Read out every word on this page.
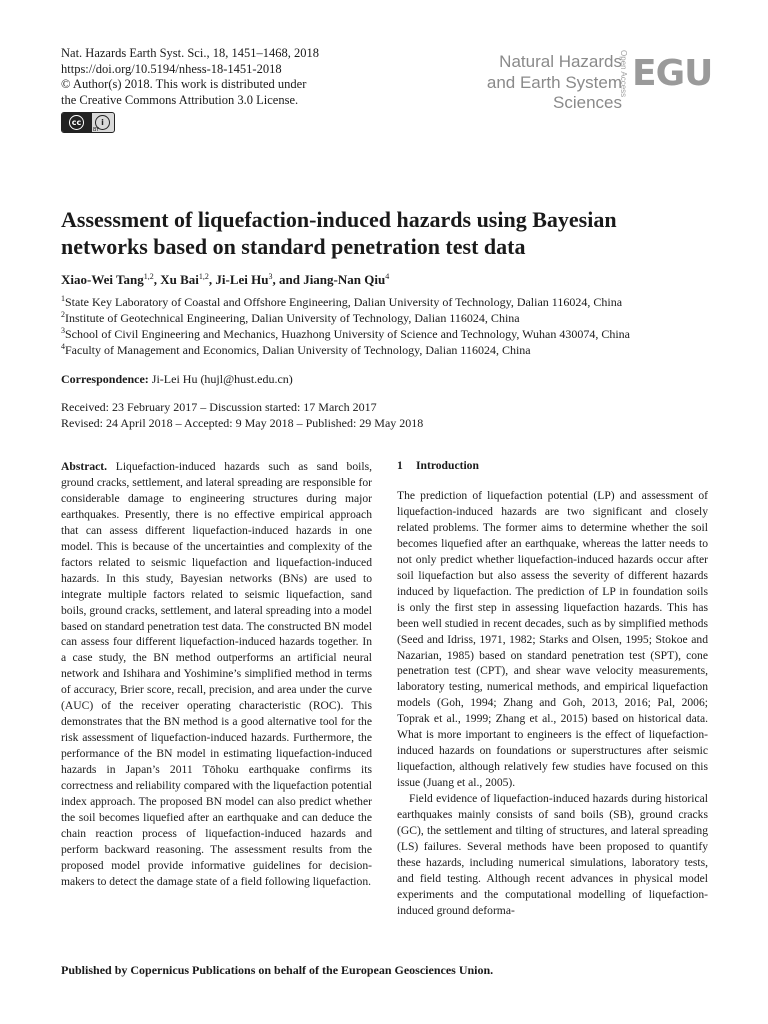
Nat. Hazards Earth Syst. Sci., 18, 1451–1468, 2018
https://doi.org/10.5194/nhess-18-1451-2018
© Author(s) 2018. This work is distributed under
the Creative Commons Attribution 3.0 License.
cc	i
BY
Natural Hazards
and Earth System
Sciences
Open Access EGU
Assessment of liquefaction-induced hazards using Bayesian networks based on standard penetration test data
Xiao-Wei Tang$^{1,2}$, Xu Bai$^{1,2}$, Ji-Lei Hu$^3$, and Jiang-Nan Qiu$^4$
$^1$State Key Laboratory of Coastal and Offshore Engineering, Dalian University of Technology, Dalian 116024, China
$^2$Institute of Geotechnical Engineering, Dalian University of Technology, Dalian 116024, China
$^3$School of Civil Engineering and Mechanics, Huazhong University of Science and Technology, Wuhan 430074, China
$^4$Faculty of Management and Economics, Dalian University of Technology, Dalian 116024, China
Correspondence: Ji-Lei Hu (hujl@hust.edu.cn)
Received: 23 February 2017 – Discussion started: 17 March 2017
Revised: 24 April 2018 – Accepted: 9 May 2018 – Published: 29 May 2018
Abstract. Liquefaction-induced hazards such as sand boils, ground cracks, settlement, and lateral spreading are responsible for considerable damage to engineering structures during major earthquakes. Presently, there is no effective empirical approach that can assess different liquefaction-induced hazards in one model. This is because of the uncertainties and complexity of the factors related to seismic liquefaction and liquefaction-induced hazards. In this study, Bayesian networks (BNs) are used to integrate multiple factors related to seismic liquefaction, sand boils, ground cracks, settlement, and lateral spreading into a model based on standard penetration test data. The constructed BN model can assess four different liquefaction-induced hazards together. In a case study, the BN method outperforms an artificial neural network and Ishihara and Yoshimine’s simplified method in terms of accuracy, Brier score, recall, precision, and area under the curve (AUC) of the receiver operating characteristic (ROC). This demonstrates that the BN method is a good alternative tool for the risk assessment of liquefaction-induced hazards. Furthermore, the performance of the BN model in estimating liquefaction-induced hazards in Japan’s 2011 Tōhoku earthquake confirms its correctness and reliability compared with the liquefaction potential index approach. The proposed BN model can also predict whether the soil becomes liquefied after an earthquake and can deduce the chain reaction process of liquefaction-induced hazards and perform backward reasoning. The assessment results from the proposed model provide informative guidelines for decision-makers to detect the damage state of a field following liquefaction.
1 Introduction

The prediction of liquefaction potential (LP) and assessment of liquefaction-induced hazards are two significant and closely related problems. The former aims to determine whether the soil becomes liquefied after an earthquake, whereas the latter needs to not only predict whether liquefaction-induced hazards occur after soil liquefaction but also assess the severity of different hazards induced by liquefaction. The prediction of LP in foundation soils is only the first step in assessing liquefaction hazards. This has been well studied in recent decades, such as by simplified methods (Seed and Idriss, 1971, 1982; Starks and Olsen, 1995; Stokoe and Nazarian, 1985) based on standard penetration test (SPT), cone penetration test (CPT), and shear wave velocity measurements, laboratory testing, numerical methods, and empirical liquefaction models (Goh, 1994; Zhang and Goh, 2013, 2016; Pal, 2006; Toprak et al., 1999; Zhang et al., 2015) based on historical data. What is more important to engineers is the effect of liquefaction-induced hazards on foundations or superstructures after seismic liquefaction, although relatively few studies have focused on this issue (Juang et al., 2005).

Field evidence of liquefaction-induced hazards during historical earthquakes mainly consists of sand boils (SB), ground cracks (GC), the settlement and tilting of structures, and lateral spreading (LS) failures. Several methods have been proposed to quantify these hazards, including numerical simulations, laboratory tests, and field testing. Although recent advances in physical model experiments and the computational modelling of liquefaction-induced ground deforma-

Published by Copernicus Publications on behalf of the European Geosciences Union.
